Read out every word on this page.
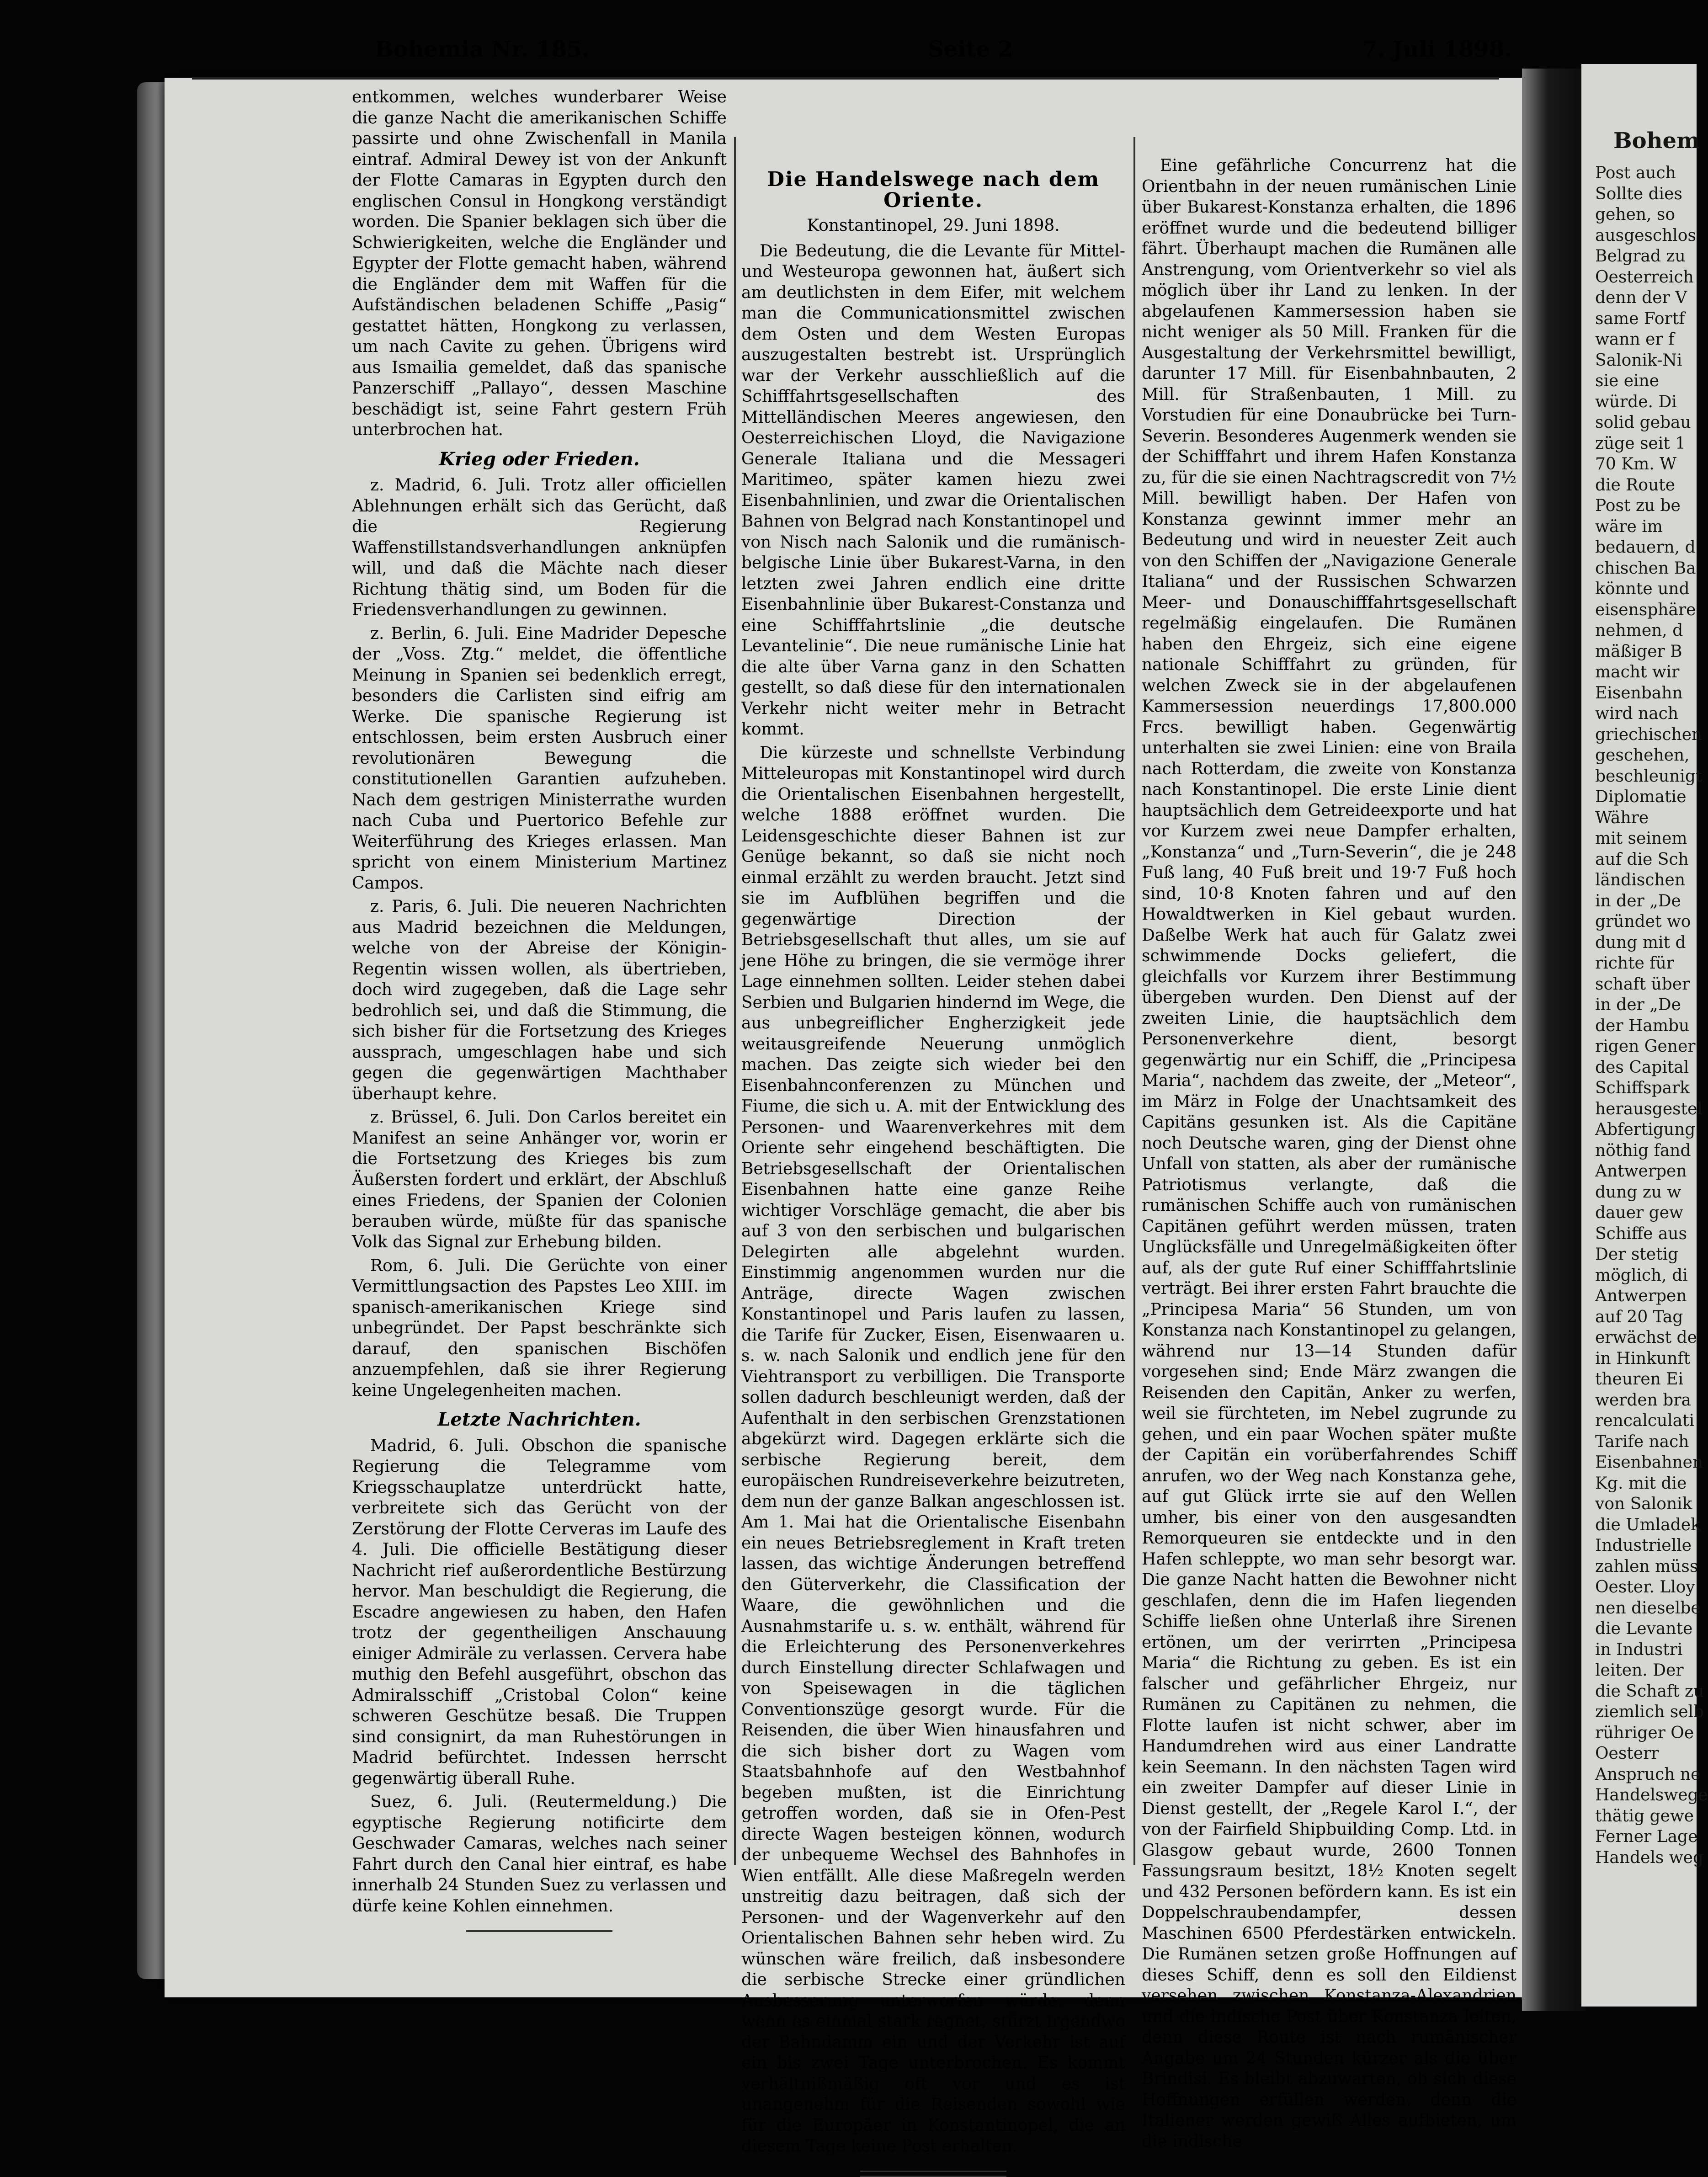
Bohemia Nr. 185.	Seite 2	7. Juli 1898.

entkommen, welches wunderbarer Weise die ganze Nacht die amerikanischen Schiffe passirte und ohne Zwischenfall in Manila eintraf. Admiral Dewey ist von der Ankunft der Flotte Camaras in Egypten durch den englischen Consul in Hongkong verständigt worden. Die Spanier beklagen sich über die Schwierigkeiten, welche die Engländer und Egypter der Flotte gemacht haben, während die Engländer dem mit Waffen für die Aufständischen beladenen Schiffe „Pasig“ gestattet hätten, Hongkong zu verlassen, um nach Cavite zu gehen. Übrigens wird aus Ismailia gemeldet, daß das spanische Panzerschiff „Pallayo“, dessen Maschine beschädigt ist, seine Fahrt gestern Früh unterbrochen hat.

Krieg oder Frieden.

z. Madrid, 6. Juli. Trotz aller officiellen Ablehnungen erhält sich das Gerücht, daß die Regierung Waffenstillstandsverhandlungen anknüpfen will, und daß die Mächte nach dieser Richtung thätig sind, um Boden für die Friedensverhandlungen zu gewinnen.

z. Berlin, 6. Juli. Eine Madrider Depesche der „Voss. Ztg.“ meldet, die öffentliche Meinung in Spanien sei bedenklich erregt, besonders die Carlisten sind eifrig am Werke. Die spanische Regierung ist entschlossen, beim ersten Ausbruch einer revolutionären Bewegung die constitutionellen Garantien aufzuheben. Nach dem gestrigen Ministerrathe wurden nach Cuba und Puertorico Befehle zur Weiterführung des Krieges erlassen. Man spricht von einem Ministerium Martinez Campos.

z. Paris, 6. Juli. Die neueren Nachrichten aus Madrid bezeichnen die Meldungen, welche von der Abreise der Königin-Regentin wissen wollen, als übertrieben, doch wird zugegeben, daß die Lage sehr bedrohlich sei, und daß die Stimmung, die sich bisher für die Fortsetzung des Krieges aussprach, umgeschlagen habe und sich gegen die gegenwärtigen Machthaber überhaupt kehre.

z. Brüssel, 6. Juli. Don Carlos bereitet ein Manifest an seine Anhänger vor, worin er die Fortsetzung des Krieges bis zum Äußersten fordert und erklärt, der Abschluß eines Friedens, der Spanien der Colonien berauben würde, müßte für das spanische Volk das Signal zur Erhebung bilden.

Rom, 6. Juli. Die Gerüchte von einer Vermittlungsaction des Papstes Leo XIII. im spanisch-amerikanischen Kriege sind unbegründet. Der Papst beschränkte sich darauf, den spanischen Bischöfen anzuempfehlen, daß sie ihrer Regierung keine Ungelegenheiten machen.

Letzte Nachrichten.

Madrid, 6. Juli. Obschon die spanische Regierung die Telegramme vom Kriegsschauplatze unterdrückt hatte, verbreitete sich das Gerücht von der Zerstörung der Flotte Cerveras im Laufe des 4. Juli. Die officielle Bestätigung dieser Nachricht rief außerordentliche Bestürzung hervor. Man beschuldigt die Regierung, die Escadre angewiesen zu haben, den Hafen trotz der gegentheiligen Anschauung einiger Admiräle zu verlassen. Cervera habe muthig den Befehl ausgeführt, obschon das Admiralsschiff „Cristobal Colon“ keine schweren Geschütze besaß. Die Truppen sind consignirt, da man Ruhestörungen in Madrid befürchtet. Indessen herrscht gegenwärtig überall Ruhe.

Suez, 6. Juli. (Reutermeldung.) Die egyptische Regierung notificirte dem Geschwader Camaras, welches nach seiner Fahrt durch den Canal hier eintraf, es habe innerhalb 24 Stunden Suez zu verlassen und dürfe keine Kohlen einnehmen.

Die Handelswege nach dem Oriente.

Konstantinopel, 29. Juni 1898.

Die Bedeutung, die die Levante für Mittel- und Westeuropa gewonnen hat, äußert sich am deutlichsten in dem Eifer, mit welchem man die Communicationsmittel zwischen dem Osten und dem Westen Europas auszugestalten bestrebt ist. Ursprünglich war der Verkehr ausschließlich auf die Schifffahrtsgesellschaften des Mittelländischen Meeres angewiesen, den Oesterreichischen Lloyd, die Navigazione Generale Italiana und die Messageri Maritimeo, später kamen hiezu zwei Eisenbahnlinien, und zwar die Orientalischen Bahnen von Belgrad nach Konstantinopel und von Nisch nach Salonik und die rumänisch-belgische Linie über Bukarest-Varna, in den letzten zwei Jahren endlich eine dritte Eisenbahnlinie über Bukarest-Constanza und eine Schifffahrtslinie „die deutsche Levantelinie“. Die neue rumänische Linie hat die alte über Varna ganz in den Schatten gestellt, so daß diese für den internationalen Verkehr nicht weiter mehr in Betracht kommt.

Die kürzeste und schnellste Verbindung Mitteleuropas mit Konstantinopel wird durch die Orientalischen Eisenbahnen hergestellt, welche 1888 eröffnet wurden. Die Leidensgeschichte dieser Bahnen ist zur Genüge bekannt, so daß sie nicht noch einmal erzählt zu werden braucht. Jetzt sind sie im Aufblühen begriffen und die gegenwärtige Direction der Betriebsgesellschaft thut alles, um sie auf jene Höhe zu bringen, die sie vermöge ihrer Lage einnehmen sollten. Leider stehen dabei Serbien und Bulgarien hindernd im Wege, die aus unbegreiflicher Engherzigkeit jede weitausgreifende Neuerung unmöglich machen. Das zeigte sich wieder bei den Eisenbahnconferenzen zu München und Fiume, die sich u. A. mit der Entwicklung des Personen- und Waarenverkehres mit dem Oriente sehr eingehend beschäftigten. Die Betriebsgesellschaft der Orientalischen Eisenbahnen hatte eine ganze Reihe wichtiger Vorschläge gemacht, die aber bis auf 3 von den serbischen und bulgarischen Delegirten alle abgelehnt wurden. Einstimmig angenommen wurden nur die Anträge, directe Wagen zwischen Konstantinopel und Paris laufen zu lassen, die Tarife für Zucker, Eisen, Eisenwaaren u. s. w. nach Salonik und endlich jene für den Viehtransport zu verbilligen. Die Transporte sollen dadurch beschleunigt werden, daß der Aufenthalt in den serbischen Grenzstationen abgekürzt wird. Dagegen erklärte sich die serbische Regierung bereit, dem europäischen Rundreiseverkehre beizutreten, dem nun der ganze Balkan angeschlossen ist. Am 1. Mai hat die Orientalische Eisenbahn ein neues Betriebsreglement in Kraft treten lassen, das wichtige Änderungen betreffend den Güterverkehr, die Classification der Waare, die gewöhnlichen und die Ausnahmstarife u. s. w. enthält, während für die Erleichterung des Personenverkehres durch Einstellung directer Schlafwagen und von Speisewagen in die täglichen Conventionszüge gesorgt wurde. Für die Reisenden, die über Wien hinausfahren und die sich bisher dort zu Wagen vom Staatsbahnhofe auf den Westbahnhof begeben mußten, ist die Einrichtung getroffen worden, daß sie in Ofen-Pest directe Wagen besteigen können, wodurch der unbequeme Wechsel des Bahnhofes in Wien entfällt. Alle diese Maßregeln werden unstreitig dazu beitragen, daß sich der Personen- und der Wagenverkehr auf den Orientalischen Bahnen sehr heben wird. Zu wünschen wäre freilich, daß insbesondere die serbische Strecke einer gründlichen Ausbesserung unterworfen würde, denn wenn es einmal stark regnet, stürzt irgendwo der Bahndamm ein und der Verkehr ist auf ein bis zwei Tage unterbrochen. Es kommt verhältnißmäßig oft vor und es ist unangenehm für die Reisenden sowohl wie für die Europäer in Konstantinopel, die an diesem Tage keine Post erhalten.

Eine gefährliche Concurrenz hat die Orientbahn in der neuen rumänischen Linie über Bukarest-Konstanza erhalten, die 1896 eröffnet wurde und die bedeutend billiger fährt. Überhaupt machen die Rumänen alle Anstrengung, vom Orientverkehr so viel als möglich über ihr Land zu lenken. In der abgelaufenen Kammersession haben sie nicht weniger als 50 Mill. Franken für die Ausgestaltung der Verkehrsmittel bewilligt, darunter 17 Mill. für Eisenbahnbauten, 2 Mill. für Straßenbauten, 1 Mill. zu Vorstudien für eine Donaubrücke bei Turn-Severin. Besonderes Augenmerk wenden sie der Schifffahrt und ihrem Hafen Konstanza zu, für die sie einen Nachtragscredit von 7½ Mill. bewilligt haben. Der Hafen von Konstanza gewinnt immer mehr an Bedeutung und wird in neuester Zeit auch von den Schiffen der „Navigazione Generale Italiana“ und der Russischen Schwarzen Meer- und Donauschifffahrtsgesellschaft regelmäßig eingelaufen. Die Rumänen haben den Ehrgeiz, sich eine eigene nationale Schifffahrt zu gründen, für welchen Zweck sie in der abgelaufenen Kammersession neuerdings 17,800.000 Frcs. bewilligt haben. Gegenwärtig unterhalten sie zwei Linien: eine von Braila nach Rotterdam, die zweite von Konstanza nach Konstantinopel. Die erste Linie dient hauptsächlich dem Getreideexporte und hat vor Kurzem zwei neue Dampfer erhalten, „Konstanza“ und „Turn-Severin“, die je 248 Fuß lang, 40 Fuß breit und 19·7 Fuß hoch sind, 10·8 Knoten fahren und auf den Howaldtwerken in Kiel gebaut wurden. Daßelbe Werk hat auch für Galatz zwei schwimmende Docks geliefert, die gleichfalls vor Kurzem ihrer Bestimmung übergeben wurden. Den Dienst auf der zweiten Linie, die hauptsächlich dem Personenverkehre dient, besorgt gegenwärtig nur ein Schiff, die „Principesa Maria“, nachdem das zweite, der „Meteor“, im März in Folge der Unachtsamkeit des Capitäns gesunken ist. Als die Capitäne noch Deutsche waren, ging der Dienst ohne Unfall von statten, als aber der rumänische Patriotismus verlangte, daß die rumänischen Schiffe auch von rumänischen Capitänen geführt werden müssen, traten Unglücksfälle und Unregelmäßigkeiten öfter auf, als der gute Ruf einer Schifffahrtslinie verträgt. Bei ihrer ersten Fahrt brauchte die „Principesa Maria“ 56 Stunden, um von Konstanza nach Konstantinopel zu gelangen, während nur 13—14 Stunden dafür vorgesehen sind; Ende März zwangen die Reisenden den Capitän, Anker zu werfen, weil sie fürchteten, im Nebel zugrunde zu gehen, und ein paar Wochen später mußte der Capitän ein vorüberfahrendes Schiff anrufen, wo der Weg nach Konstanza gehe, auf gut Glück irrte sie auf den Wellen umher, bis einer von den ausgesandten Remorqueuren sie entdeckte und in den Hafen schleppte, wo man sehr besorgt war. Die ganze Nacht hatten die Bewohner nicht geschlafen, denn die im Hafen liegenden Schiffe ließen ohne Unterlaß ihre Sirenen ertönen, um der verirrten „Principesa Maria“ die Richtung zu geben. Es ist ein falscher und gefährlicher Ehrgeiz, nur Rumänen zu Capitänen zu nehmen, die Flotte laufen ist nicht schwer, aber im Handumdrehen wird aus einer Landratte kein Seemann. In den nächsten Tagen wird ein zweiter Dampfer auf dieser Linie in Dienst gestellt, der „Regele Karol I.“, der von der Fairfield Shipbuilding Comp. Ltd. in Glasgow gebaut wurde, 2600 Tonnen Fassungsraum besitzt, 18½ Knoten segelt und 432 Personen befördern kann. Es ist ein Doppelschraubendampfer, dessen Maschinen 6500 Pferdestärken entwickeln. Die Rumänen setzen große Hoffnungen auf dieses Schiff, denn es soll den Eildienst versehen zwischen Konstanza-Alexandrien und die indische Post über Konstanza leiten, denn diese Route ist nach rumänischer Angabe um 24 Stunden kürzer als die über Brindisi. Es bleibt abzuwarten, ob sich diese Hoffnungen erfüllen werden, denn die Italiener werden gewiß Alles aufbieten, um die indische

Bohem
Post auch
Sollte dies
gehen, so
ausgeschlos
Belgrad zu
Oesterreich
denn der V
same Fortf
wann er f
Salonik-Ni
sie eine
würde. Di
solid gebau
züge seit 1
70 Km. W
die Route
Post zu be
wäre im
bedauern, d
chischen Ba
könnte und
eisensphäre
nehmen, d
mäßiger B
macht wir
Eisenbahn
wird nach
griechischen
geschehen,
beschleunigt
Diplomatie
Währe
mit seinem
auf die Sch
ländischen
in der „De
gründet wo
dung mit d
richte für
schaft über
in der „De
der Hambu
rigen Gener
des Capital
Schiffspark
herausgestel
Abfertigung
nöthig fand
Antwerpen
dung zu w
dauer gew
Schiffe aus
Der stetig
möglich, di
Antwerpen
auf 20 Tag
erwächst de
in Hinkunft
theuren Ei
werden bra
rencalculati
Tarife nach
Eisenbahnen
Kg. mit die
von Salonik
die Umladek
Industrielle
zahlen müss
Oester. Lloy
nen dieselbe
die Levante
in Industri
leiten. Der
die Schaft zu
ziemlich selb
rühriger Oe
Oesterr
Anspruch ne
Handelswege
thätig gewe
Ferner Lage
Handels weg
